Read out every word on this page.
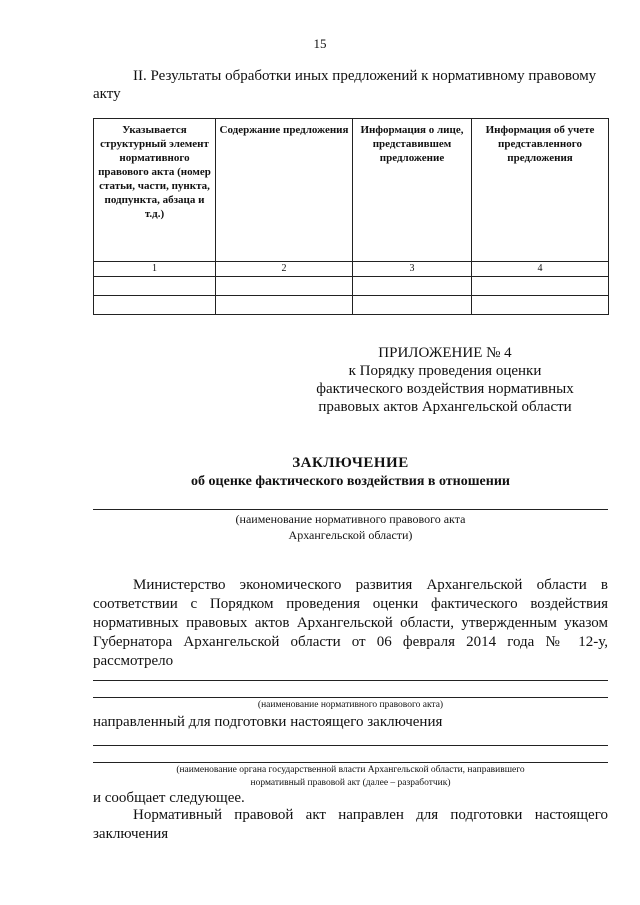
15
II. Результаты обработки иных предложений к нормативному правовому акту
Указывается структурный элемент нормативного правового акта (номер статьи, части, пункта, подпункта, абзаца и т.д.)	Содержание предложения	Информация о лице, представившем предложение	Информация об учете представленного предложения
1	2	3	4

ПРИЛОЖЕНИЕ № 4
к Порядку проведения оценки
фактического воздействия нормативных
правовых актов Архангельской области
ЗАКЛЮЧЕНИЕ
об оценке фактического воздействия в отношении
(наименование нормативного правового акта
Архангельской области)
Министерство экономического развития Архангельской области в соответствии с Порядком проведения оценки фактического воздействия нормативных правовых актов Архангельской области, утвержденным указом Губернатора Архангельской области от 06 февраля 2014 года № 12-у, рассмотрело
(наименование нормативного правового акта)
направленный для подготовки настоящего заключения
(наименование органа государственной власти Архангельской области, направившего
нормативный правовой акт (далее – разработчик)
и сообщает следующее.
Нормативный правовой акт направлен для подготовки настоящего заключения
